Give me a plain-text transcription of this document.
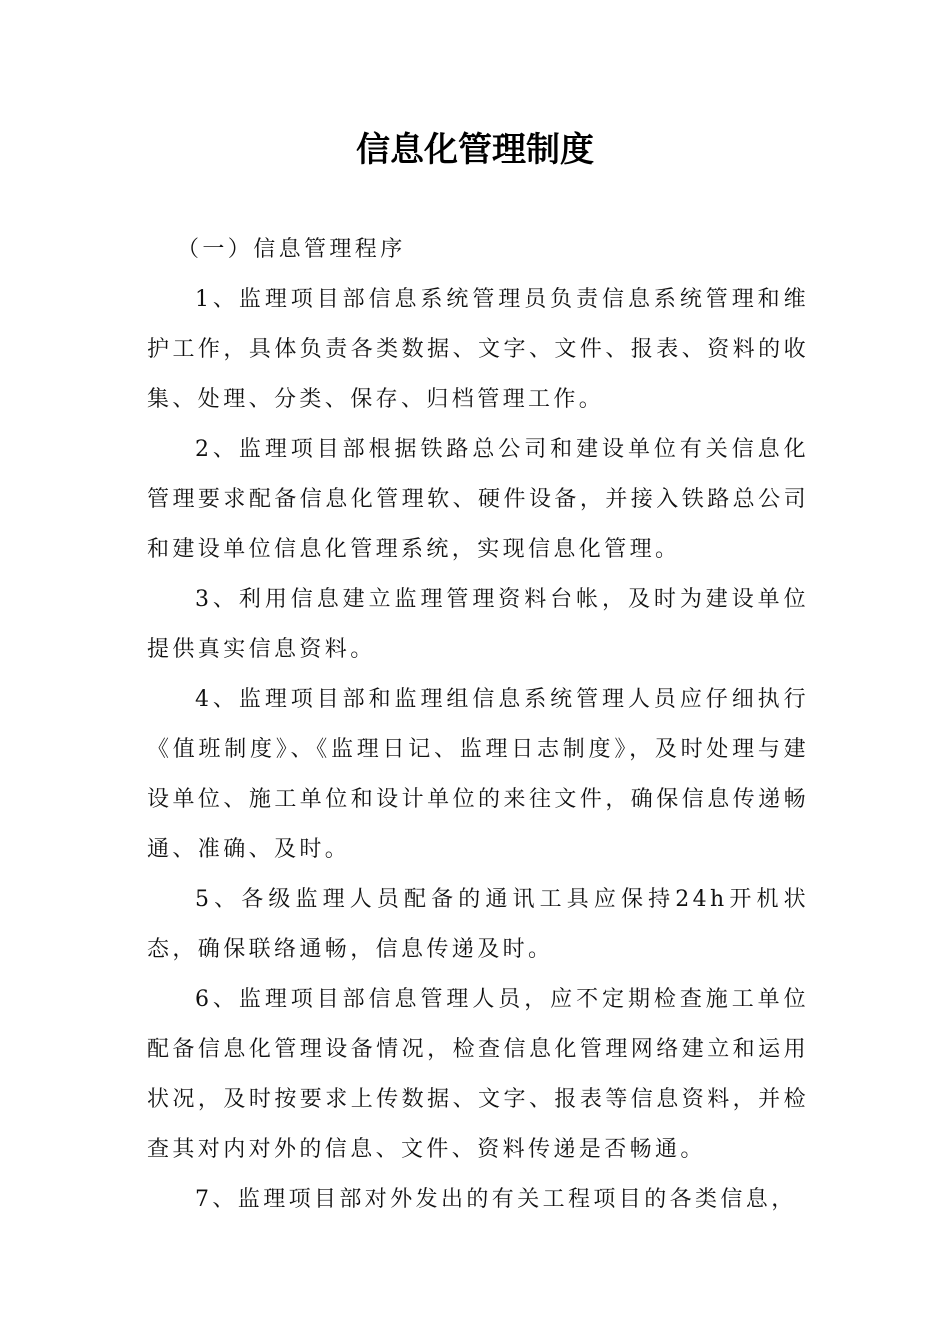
信息化管理制度

（一）信息管理程序

1、监理项目部信息系统管理员负责信息系统管理和维护工作，具体负责各类数据、文字、文件、报表、资料的收集、处理、分类、保存、归档管理工作。

2、监理项目部根据铁路总公司和建设单位有关信息化管理要求配备信息化管理软、硬件设备，并接入铁路总公司和建设单位信息化管理系统，实现信息化管理。

3、利用信息建立监理管理资料台帐，及时为建设单位提供真实信息资料。

4、监理项目部和监理组信息系统管理人员应仔细执行《值班制度》、《监理日记、监理日志制度》，及时处理与建设单位、施工单位和设计单位的来往文件，确保信息传递畅通、准确、及时。

5、各级监理人员配备的通讯工具应保持24h开机状态，确保联络通畅，信息传递及时。

6、监理项目部信息管理人员，应不定期检查施工单位配备信息化管理设备情况，检查信息化管理网络建立和运用状况，及时按要求上传数据、文字、报表等信息资料，并检查其对内对外的信息、文件、资料传递是否畅通。

7、监理项目部对外发出的有关工程项目的各类信息，
